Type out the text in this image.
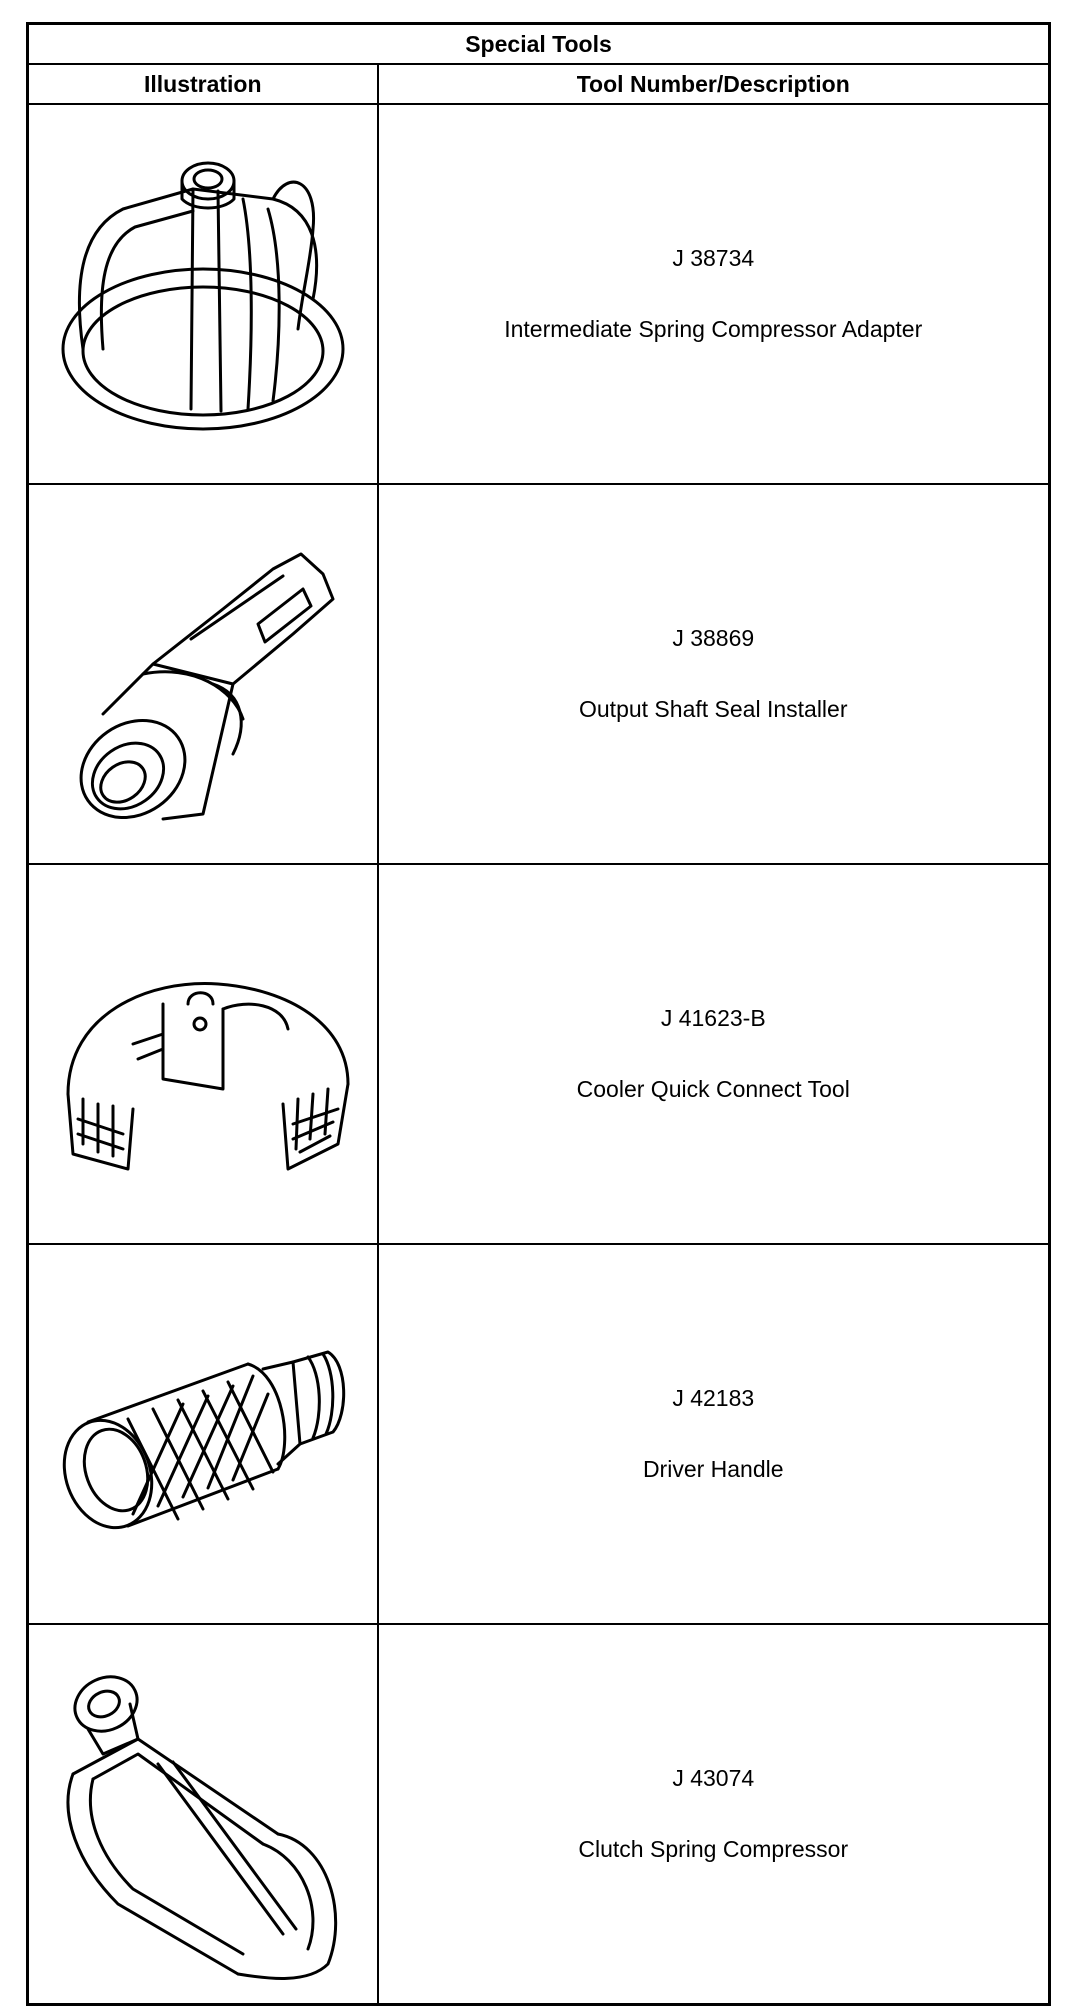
Special Tools	
Illustration	Tool Number/Description

J 38734
Intermediate Spring Compressor Adapter

J 38869
Output Shaft Seal Installer

J 41623-B
Cooler Quick Connect Tool

J 42183
Driver Handle

J 43074
Clutch Spring Compressor
